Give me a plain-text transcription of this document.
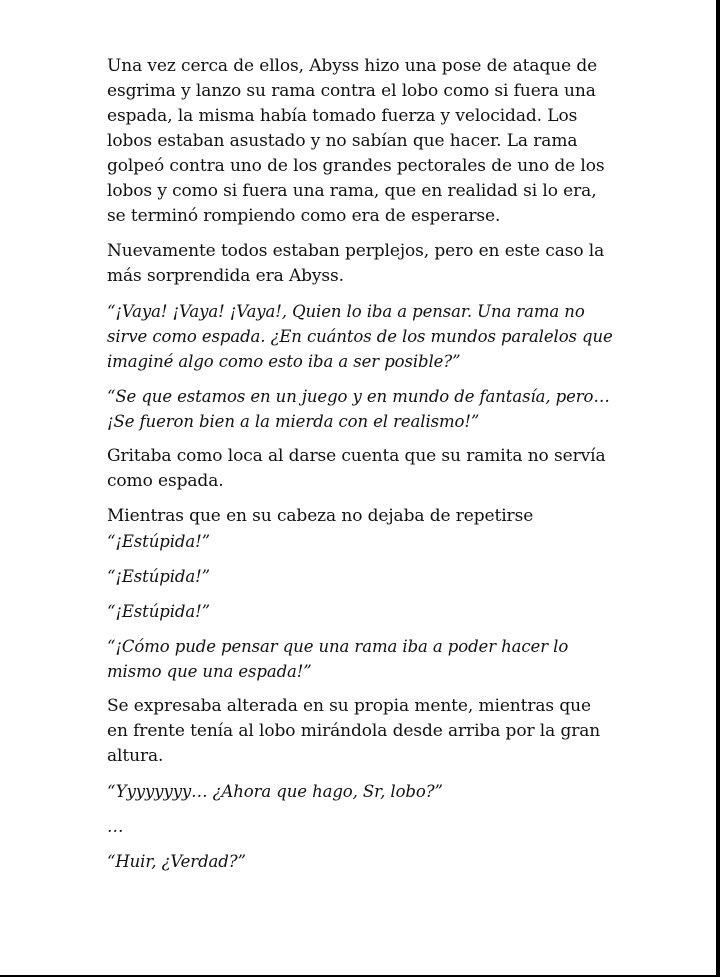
Una vez cerca de ellos, Abyss hizo una pose de ataque de
esgrima y lanzo su rama contra el lobo como si fuera una
espada, la misma había tomado fuerza y velocidad. Los
lobos estaban asustado y no sabían que hacer. La rama
golpeó contra uno de los grandes pectorales de uno de los
lobos y como si fuera una rama, que en realidad si lo era,
se terminó rompiendo como era de esperarse.

Nuevamente todos estaban perplejos, pero en este caso la
más sorprendida era Abyss.

“¡Vaya! ¡Vaya! ¡Vaya!, Quien lo iba a pensar. Una rama no
sirve como espada. ¿En cuántos de los mundos paralelos que
imaginé algo como esto iba a ser posible?”

“Se que estamos en un juego y en mundo de fantasía, pero…
¡Se fueron bien a la mierda con el realismo!”

Gritaba como loca al darse cuenta que su ramita no servía
como espada.

Mientras que en su cabeza no dejaba de repetirse

“¡Estúpida!”

“¡Estúpida!”

“¡Estúpida!”

“¡Cómo pude pensar que una rama iba a poder hacer lo
mismo que una espada!”

Se expresaba alterada en su propia mente, mientras que
en frente tenía al lobo mirándola desde arriba por la gran
altura.

“Yyyyyyyy… ¿Ahora que hago, Sr, lobo?”

…

“Huir, ¿Verdad?”
